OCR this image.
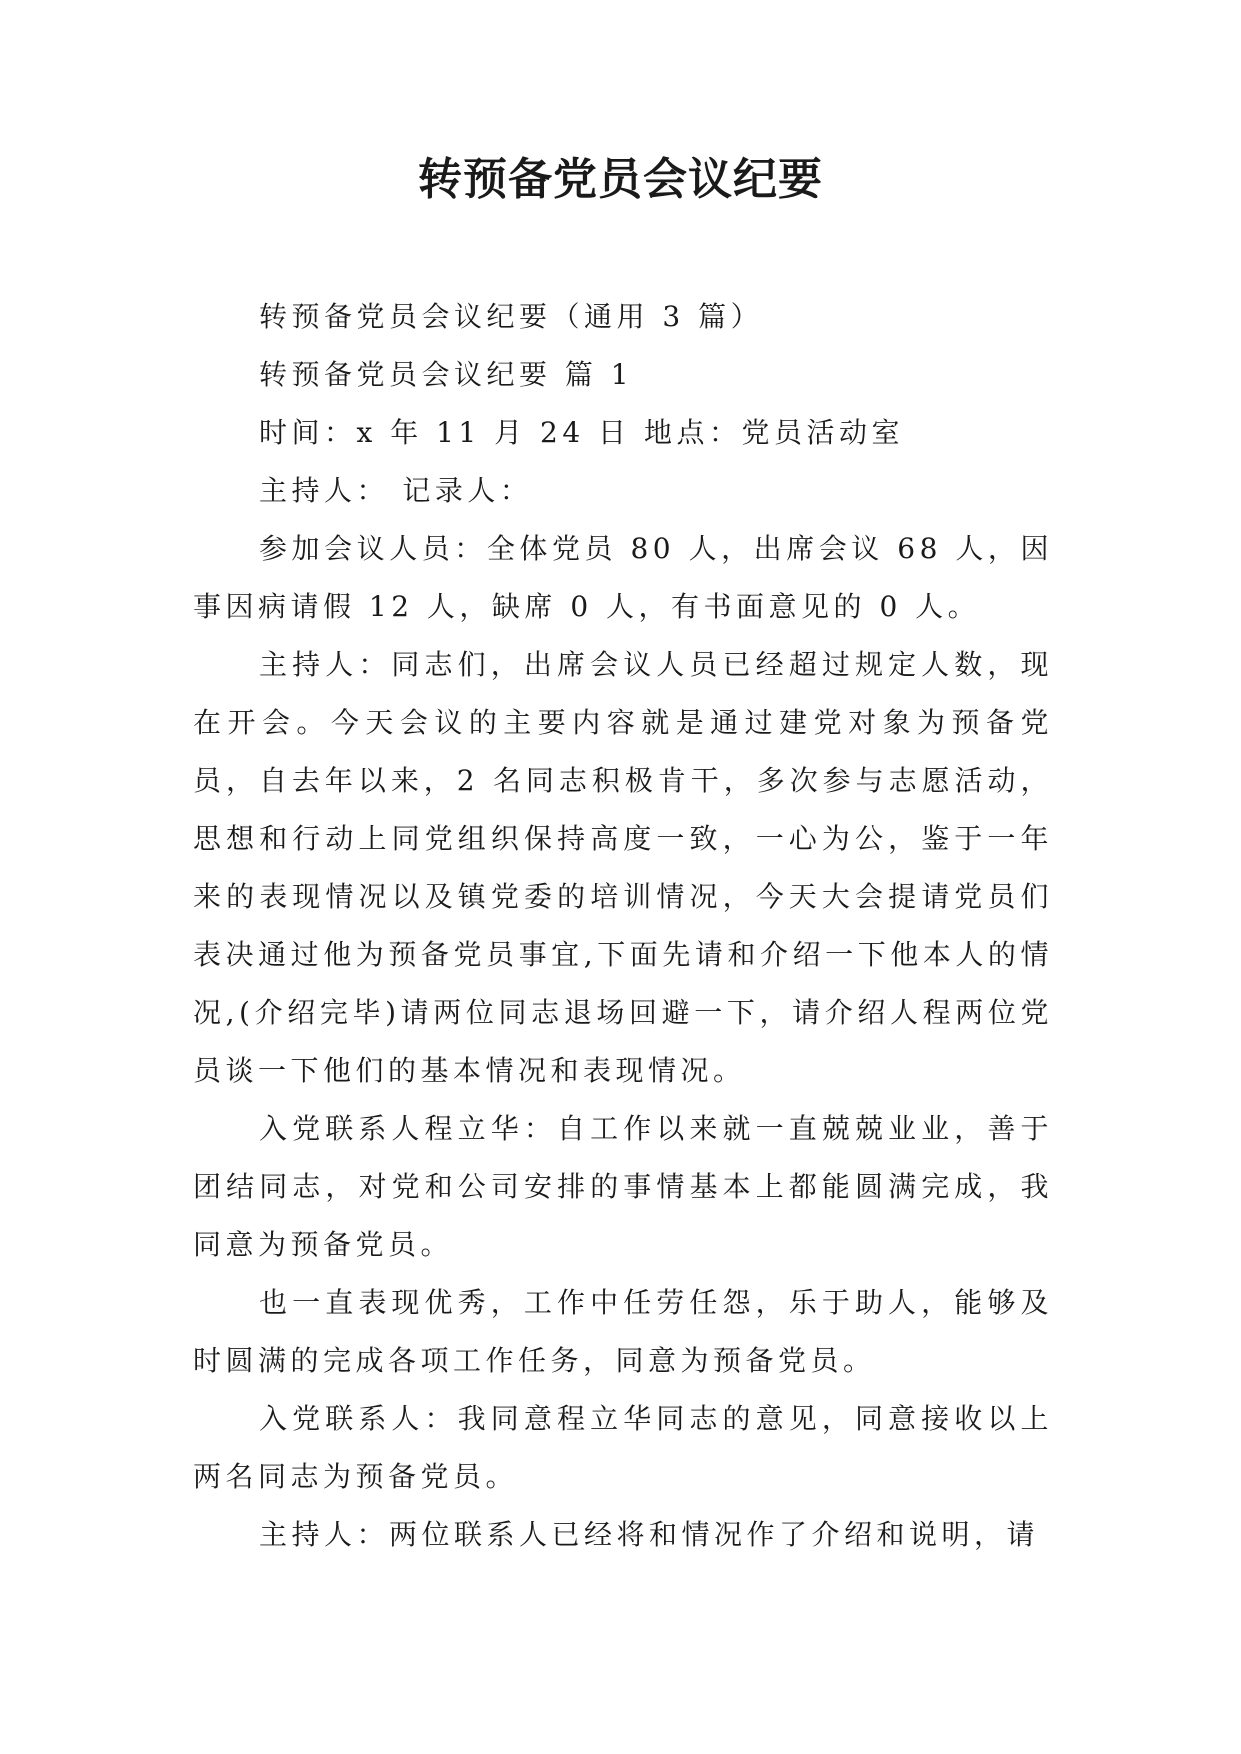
转预备党员会议纪要

转预备党员会议纪要（通用 3 篇）

转预备党员会议纪要 篇 1

时间：x 年 11 月 24 日 地点：党员活动室

主持人： 记录人：

参加会议人员：全体党员 80 人，出席会议 68 人，因事因病请假 12 人，缺席 0 人，有书面意见的 0 人。

主持人：同志们，出席会议人员已经超过规定人数，现在开会。今天会议的主要内容就是通过建党对象为预备党员，自去年以来，2 名同志积极肯干，多次参与志愿活动，思想和行动上同党组织保持高度一致，一心为公，鉴于一年来的表现情况以及镇党委的培训情况，今天大会提请党员们表决通过他为预备党员事宜,下面先请和介绍一下他本人的情况,(介绍完毕)请两位同志退场回避一下，请介绍人程两位党员谈一下他们的基本情况和表现情况。

入党联系人程立华：自工作以来就一直兢兢业业，善于团结同志，对党和公司安排的事情基本上都能圆满完成，我同意为预备党员。

也一直表现优秀，工作中任劳任怨，乐于助人，能够及时圆满的完成各项工作任务，同意为预备党员。

入党联系人：我同意程立华同志的意见，同意接收以上两名同志为预备党员。

主持人：两位联系人已经将和情况作了介绍和说明，请
